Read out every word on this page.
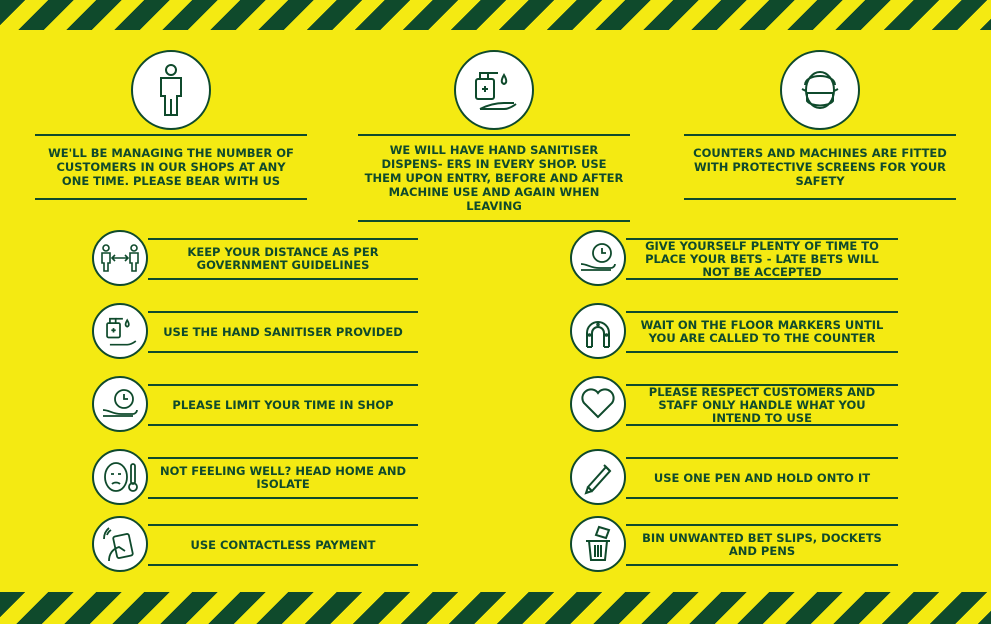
WE'LL BE MANAGING THE NUMBER OF CUSTOMERS IN OUR SHOPS AT ANY ONE TIME. PLEASE BEAR WITH US
WE WILL HAVE HAND SANITISER DISPENS- ERS IN EVERY SHOP. USE THEM UPON ENTRY, BEFORE AND AFTER MACHINE USE AND AGAIN WHEN LEAVING
COUNTERS AND MACHINES ARE FITTED WITH PROTECTIVE SCREENS FOR YOUR SAFETY
KEEP YOUR DISTANCE AS PER GOVERNMENT GUIDELINES
USE THE HAND SANITISER PROVIDED
PLEASE LIMIT YOUR TIME IN SHOP
NOT FEELING WELL? HEAD HOME AND ISOLATE
USE CONTACTLESS PAYMENT
GIVE YOURSELF PLENTY OF TIME TO PLACE YOUR BETS - LATE BETS WILL NOT BE ACCEPTED
WAIT ON THE FLOOR MARKERS UNTIL YOU ARE CALLED TO THE COUNTER
PLEASE RESPECT CUSTOMERS AND STAFF ONLY HANDLE WHAT YOU INTEND TO USE
USE ONE PEN AND HOLD ONTO IT
BIN UNWANTED BET SLIPS, DOCKETS AND PENS
